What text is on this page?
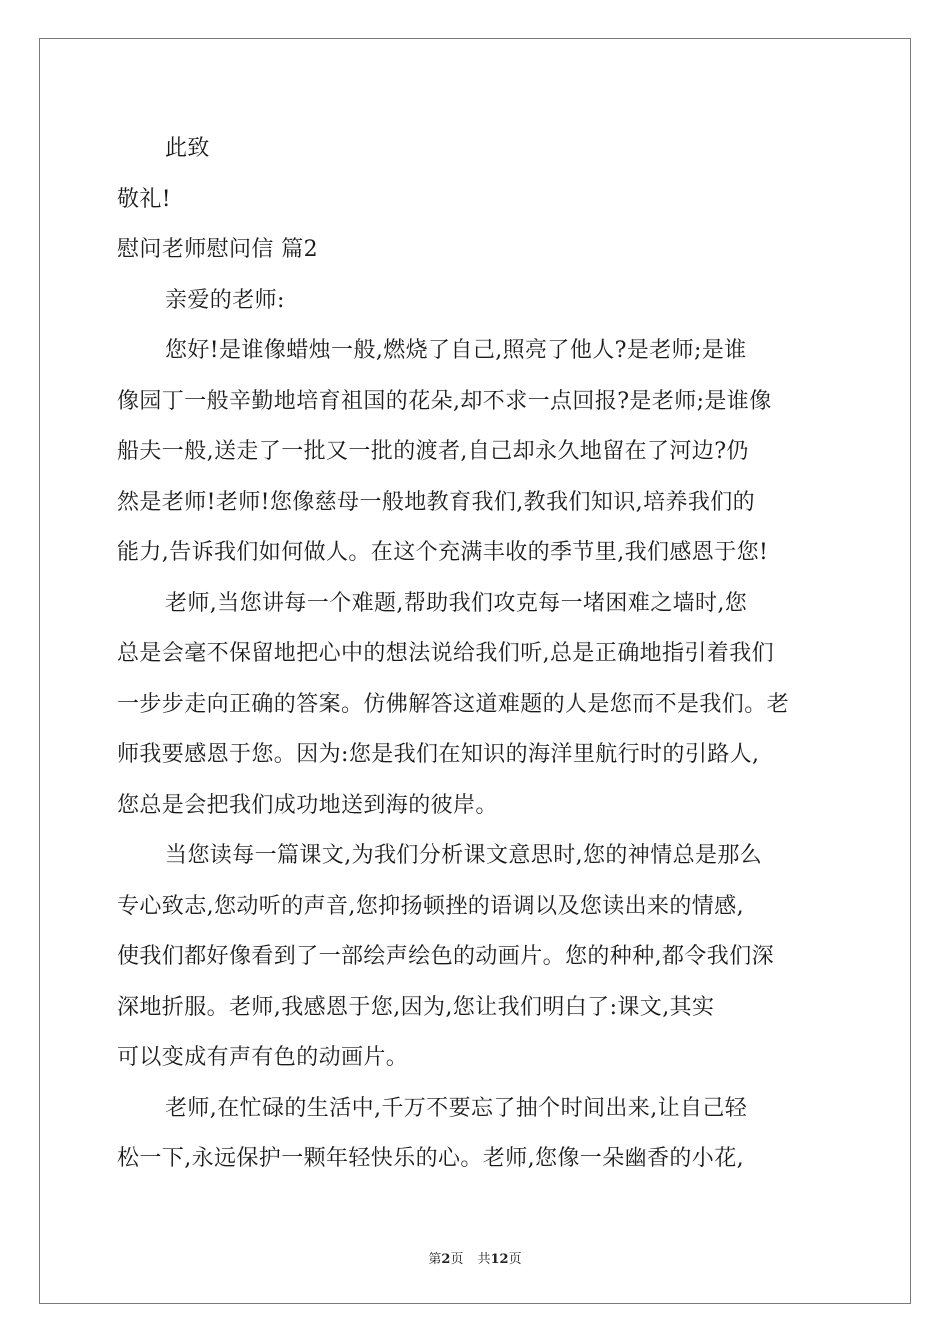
此致
敬礼!
慰问老师慰问信 篇2
亲爱的老师:
您好!是谁像蜡烛一般,燃烧了自己,照亮了他人?是老师;是谁
像园丁一般辛勤地培育祖国的花朵,却不求一点回报?是老师;是谁像
船夫一般,送走了一批又一批的渡者,自己却永久地留在了河边?仍
然是老师!老师!您像慈母一般地教育我们,教我们知识,培养我们的
能力,告诉我们如何做人。在这个充满丰收的季节里,我们感恩于您!
老师,当您讲每一个难题,帮助我们攻克每一堵困难之墙时,您
总是会毫不保留地把心中的想法说给我们听,总是正确地指引着我们
一步步走向正确的答案。仿佛解答这道难题的人是您而不是我们。老
师我要感恩于您。因为:您是我们在知识的海洋里航行时的引路人,
您总是会把我们成功地送到海的彼岸。
当您读每一篇课文,为我们分析课文意思时,您的神情总是那么
专心致志,您动听的声音,您抑扬顿挫的语调以及您读出来的情感,
使我们都好像看到了一部绘声绘色的动画片。您的种种,都令我们深
深地折服。老师,我感恩于您,因为,您让我们明白了:课文,其实
可以变成有声有色的动画片。
老师,在忙碌的生活中,千万不要忘了抽个时间出来,让自己轻
松一下,永远保护一颗年轻快乐的心。老师,您像一朵幽香的小花,
第2页 共12页
